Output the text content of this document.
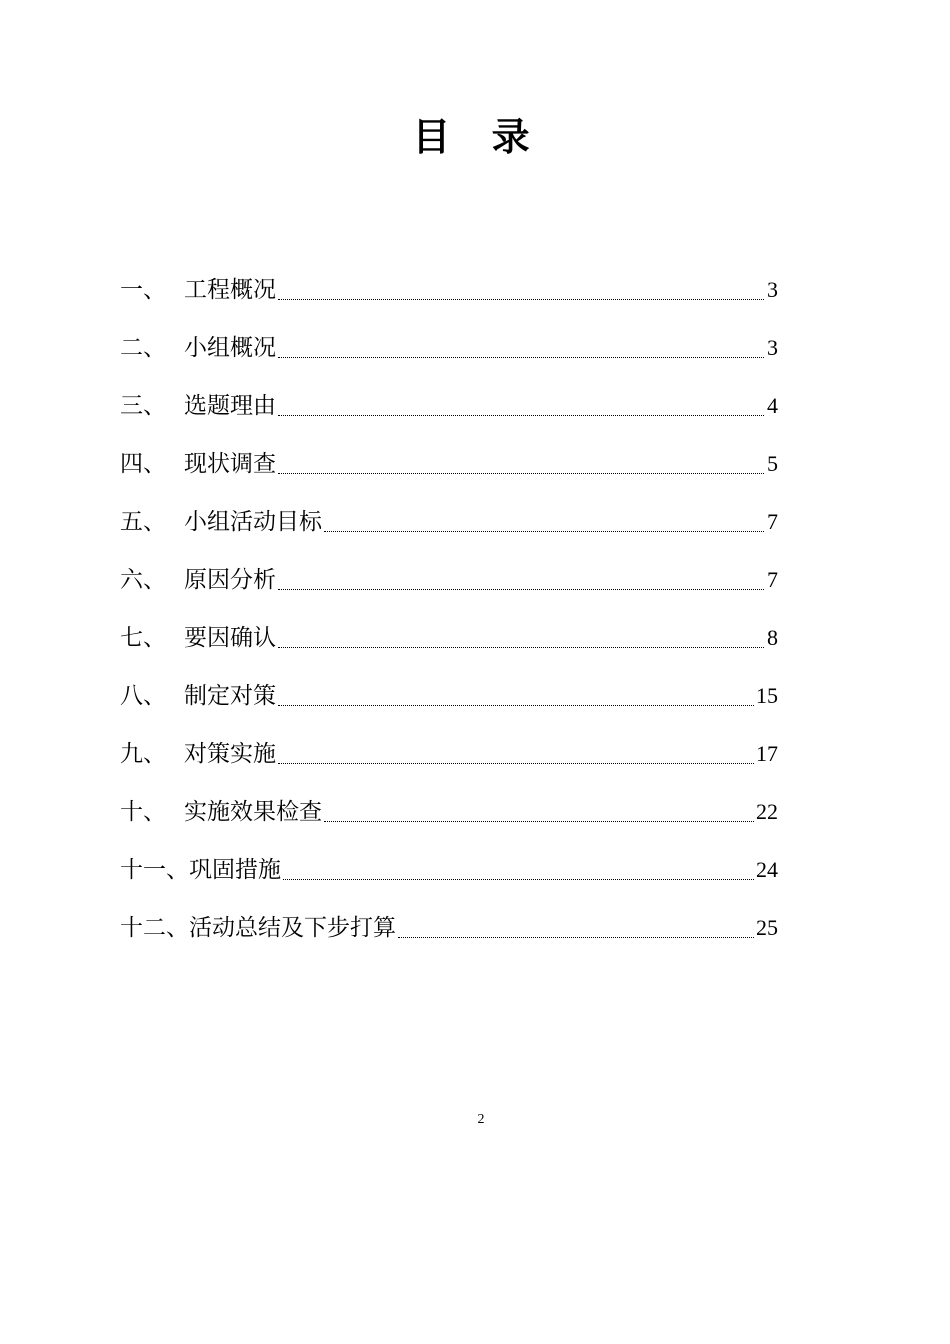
目 录
一、 工程概况	3
二、 小组概况	3
三、 选题理由	4
四、 现状调查	5
五、 小组活动目标	7
六、 原因分析	7
七、 要因确认	8
八、 制定对策	15
九、 对策实施	17
十、 实施效果检查	22
十一、 巩固措施	24
十二、 活动总结及下步打算	25
2
